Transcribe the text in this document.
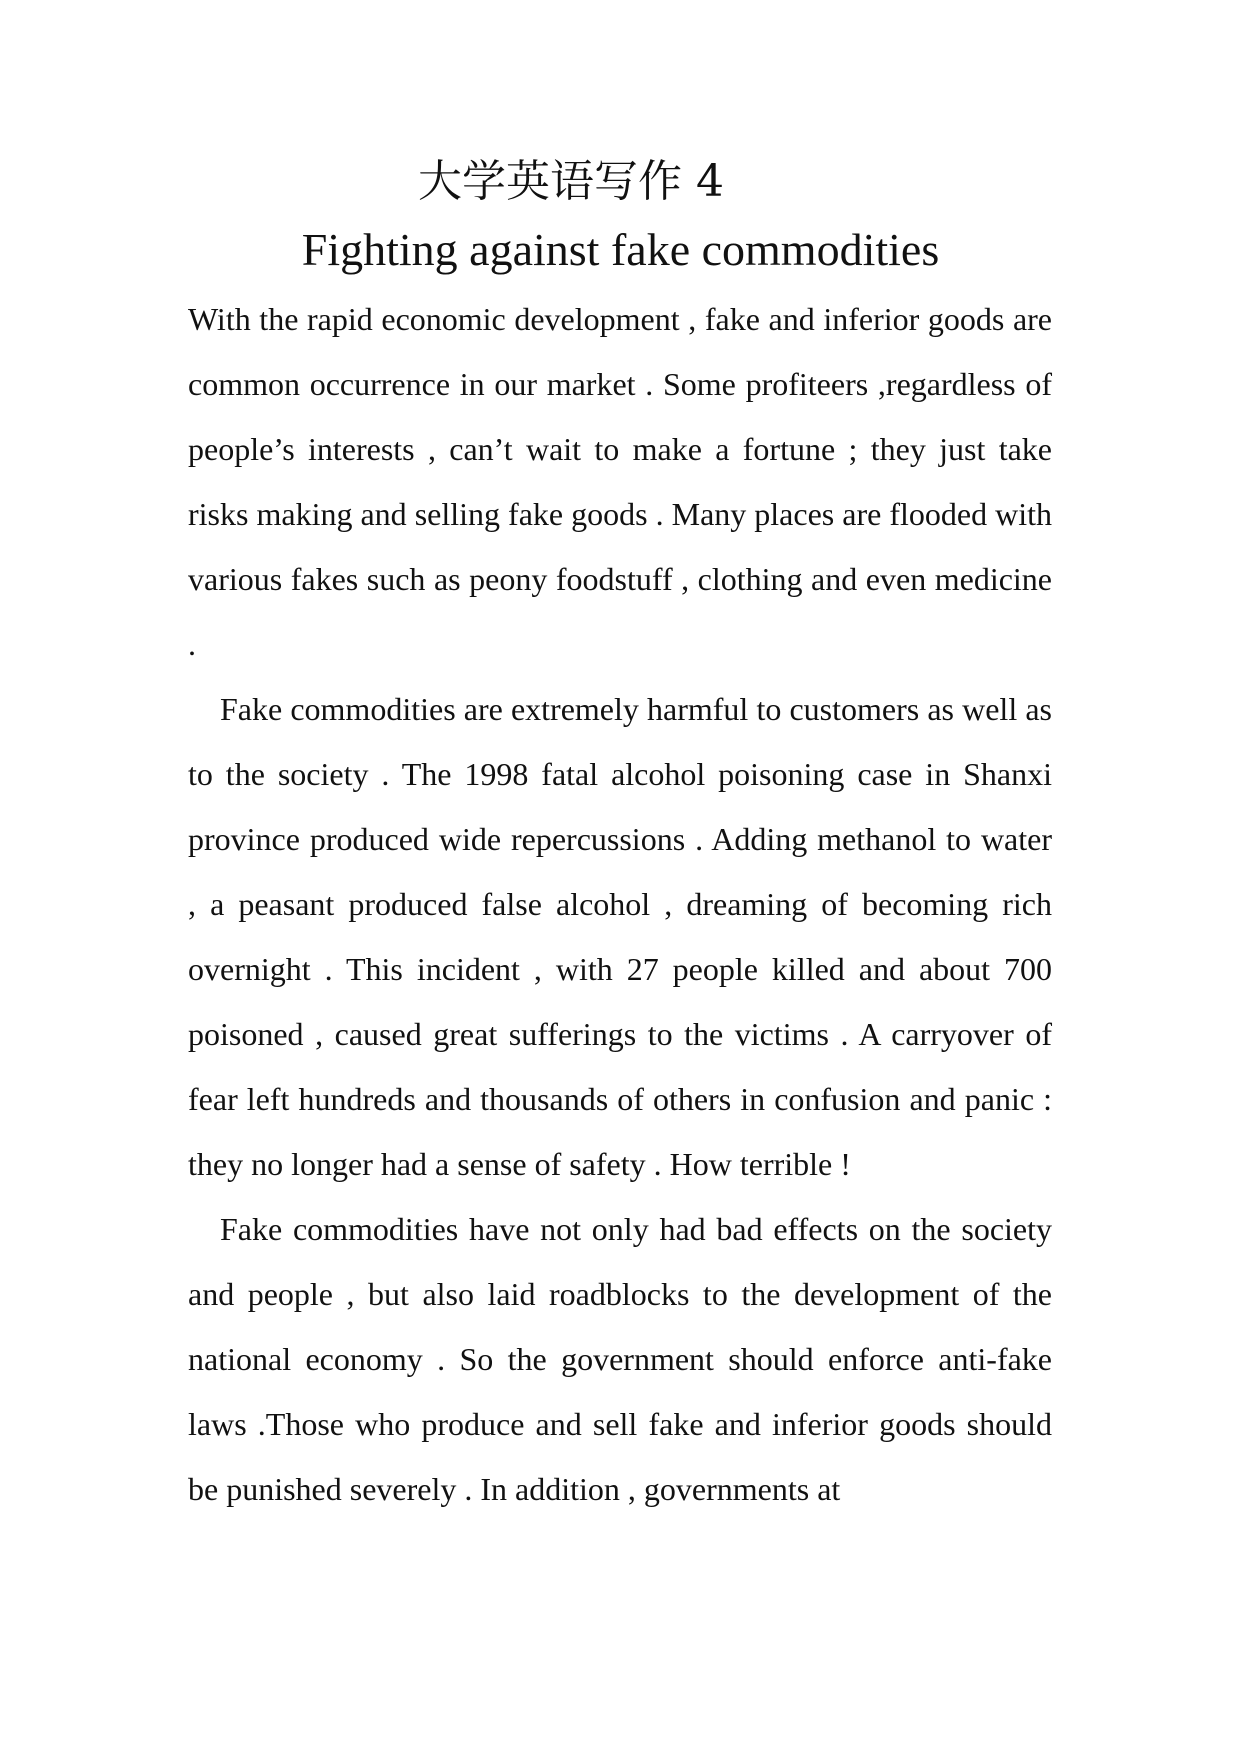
大学英语写作 4
Fighting against fake commodities

With the rapid economic development , fake and inferior goods are common occurrence in our market . Some profiteers ,regardless of people’s interests , can’t wait to make a fortune ; they just take risks making and selling fake goods . Many places are flooded with various fakes such as peony foodstuff , clothing and even medicine .

Fake commodities are extremely harmful to customers as well as to the society . The 1998 fatal alcohol poisoning case in Shanxi province produced wide repercussions . Adding methanol to water , a peasant produced false alcohol , dreaming of becoming rich overnight . This incident , with 27 people killed and about 700 poisoned , caused great sufferings to the victims . A carryover of fear left hundreds and thousands of others in confusion and panic : they no longer had a sense of safety . How terrible !

Fake commodities have not only had bad effects on the society and people , but also laid roadblocks to the development of the national economy . So the government should enforce anti-fake laws .Those who produce and sell fake and inferior goods should be punished severely . In addition , governments at
